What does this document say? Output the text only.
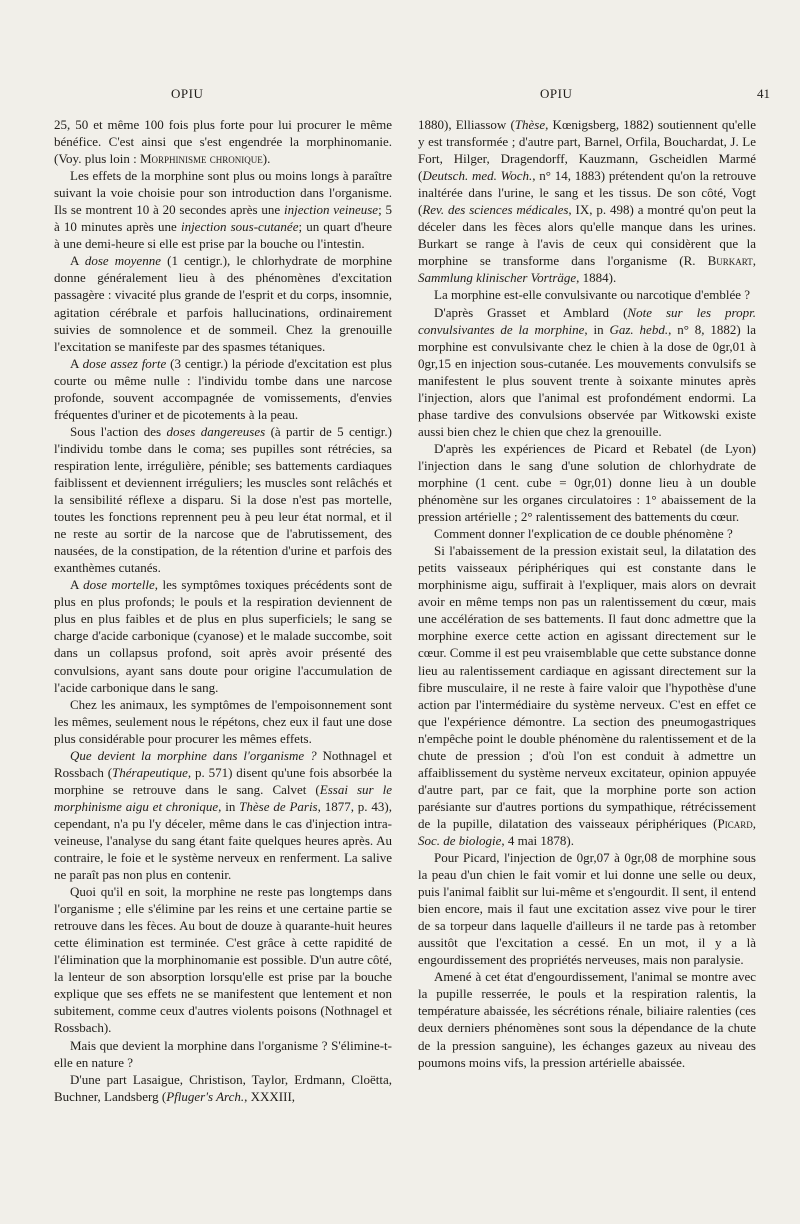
OPIU	OPIU	41

25, 50 et même 100 fois plus forte pour lui procurer le même bénéfice. C'est ainsi que s'est engendrée la morphinomanie. (Voy. plus loin : Morphinisme chronique).

Les effets de la morphine sont plus ou moins longs à paraître suivant la voie choisie pour son introduction dans l'organisme. Ils se montrent 10 à 20 secondes après une injection veineuse; 5 à 10 minutes après une injection sous-cutanée; un quart d'heure à une demi-heure si elle est prise par la bouche ou l'intestin.

A dose moyenne (1 centigr.), le chlorhydrate de morphine donne généralement lieu à des phénomènes d'excitation passagère : vivacité plus grande de l'esprit et du corps, insomnie, agitation cérébrale et parfois hallucinations, ordinairement suivies de somnolence et de sommeil. Chez la grenouille l'excitation se manifeste par des spasmes tétaniques.

A dose assez forte (3 centigr.) la période d'excitation est plus courte ou même nulle : l'individu tombe dans une narcose profonde, souvent accompagnée de vomissements, d'envies fréquentes d'uriner et de picotements à la peau.

Sous l'action des doses dangereuses (à partir de 5 centigr.) l'individu tombe dans le coma; ses pupilles sont rétrécies, sa respiration lente, irrégulière, pénible; ses battements cardiaques faiblissent et deviennent irréguliers; les muscles sont relâchés et la sensibilité réflexe a disparu. Si la dose n'est pas mortelle, toutes les fonctions reprennent peu à peu leur état normal, et il ne reste au sortir de la narcose que de l'abrutissement, des nausées, de la constipation, de la rétention d'urine et parfois des exanthèmes cutanés.

A dose mortelle, les symptômes toxiques précédents sont de plus en plus profonds; le pouls et la respiration deviennent de plus en plus faibles et de plus en plus superficiels; le sang se charge d'acide carbonique (cyanose) et le malade succombe, soit dans un collapsus profond, soit après avoir présenté des convulsions, ayant sans doute pour origine l'accumulation de l'acide carbonique dans le sang.

Chez les animaux, les symptômes de l'empoisonnement sont les mêmes, seulement nous le répétons, chez eux il faut une dose plus considérable pour procurer les mêmes effets.

Que devient la morphine dans l'organisme ? Nothnagel et Rossbach (Thérapeutique, p. 571) disent qu'une fois absorbée la morphine se retrouve dans le sang. Calvet (Essai sur le morphinisme aigu et chronique, in Thèse de Paris, 1877, p. 43), cependant, n'a pu l'y déceler, même dans le cas d'injection intra-veineuse, l'analyse du sang étant faite quelques heures après. Au contraire, le foie et le système nerveux en renferment. La salive ne paraît pas non plus en contenir.

Quoi qu'il en soit, la morphine ne reste pas longtemps dans l'organisme ; elle s'élimine par les reins et une certaine partie se retrouve dans les fèces. Au bout de douze à quarante-huit heures cette élimination est terminée. C'est grâce à cette rapidité de l'élimination que la morphinomanie est possible. D'un autre côté, la lenteur de son absorption lorsqu'elle est prise par la bouche explique que ses effets ne se manifestent que lentement et non subitement, comme ceux d'autres violents poisons (Nothnagel et Rossbach).

Mais que devient la morphine dans l'organisme ? S'élimine-t-elle en nature ?

D'une part Lasaigue, Christison, Taylor, Erdmann, Cloëtta, Buchner, Landsberg (Pfluger's Arch., XXXIII,

1880), Elliassow (Thèse, Kœnigsberg, 1882) soutiennent qu'elle y est transformée ; d'autre part, Barnel, Orfila, Bouchardat, J. Le Fort, Hilger, Dragendorff, Kauzmann, Gscheidlen Marmé (Deutsch. med. Woch., n° 14, 1883) prétendent qu'on la retrouve inaltérée dans l'urine, le sang et les tissus. De son côté, Vogt (Rev. des sciences médicales, IX, p. 498) a montré qu'on peut la déceler dans les fèces alors qu'elle manque dans les urines. Burkart se range à l'avis de ceux qui considèrent que la morphine se transforme dans l'organisme (R. Burkart, Sammlung klinischer Vorträge, 1884).

La morphine est-elle convulsivante ou narcotique d'emblée ?

D'après Grasset et Amblard (Note sur les propr. convulsivantes de la morphine, in Gaz. hebd., n° 8, 1882) la morphine est convulsivante chez le chien à la dose de 0gr,01 à 0gr,15 en injection sous-cutanée. Les mouvements convulsifs se manifestent le plus souvent trente à soixante minutes après l'injection, alors que l'animal est profondément endormi. La phase tardive des convulsions observée par Witkowski existe aussi bien chez le chien que chez la grenouille.

D'après les expériences de Picard et Rebatel (de Lyon) l'injection dans le sang d'une solution de chlorhydrate de morphine (1 cent. cube = 0gr,01) donne lieu à un double phénomène sur les organes circulatoires : 1° abaissement de la pression artérielle ; 2° ralentissement des battements du cœur.

Comment donner l'explication de ce double phénomène ?

Si l'abaissement de la pression existait seul, la dilatation des petits vaisseaux périphériques qui est constante dans le morphinisme aigu, suffirait à l'expliquer, mais alors on devrait avoir en même temps non pas un ralentissement du cœur, mais une accélération de ses battements. Il faut donc admettre que la morphine exerce cette action en agissant directement sur le cœur. Comme il est peu vraisemblable que cette substance donne lieu au ralentissement cardiaque en agissant directement sur la fibre musculaire, il ne reste à faire valoir que l'hypothèse d'une action par l'intermédiaire du système nerveux. C'est en effet ce que l'expérience démontre. La section des pneumogastriques n'empêche point le double phénomène du ralentissement et de la chute de pression ; d'où l'on est conduit à admettre un affaiblissement du système nerveux excitateur, opinion appuyée d'autre part, par ce fait, que la morphine porte son action parésiante sur d'autres portions du sympathique, rétrécissement de la pupille, dilatation des vaisseaux périphériques (Picard, Soc. de biologie, 4 mai 1878).

Pour Picard, l'injection de 0gr,07 à 0gr,08 de morphine sous la peau d'un chien le fait vomir et lui donne une selle ou deux, puis l'animal faiblit sur lui-même et s'engourdit. Il sent, il entend bien encore, mais il faut une excitation assez vive pour le tirer de sa torpeur dans laquelle d'ailleurs il ne tarde pas à retomber aussitôt que l'excitation a cessé. En un mot, il y a là engourdissement des propriétés nerveuses, mais non paralysie.

Amené à cet état d'engourdissement, l'animal se montre avec la pupille resserrée, le pouls et la respiration ralentis, la température abaissée, les sécrétions rénale, biliaire ralenties (ces deux derniers phénomènes sont sous la dépendance de la chute de la pression sanguine), les échanges gazeux au niveau des poumons moins vifs, la pression artérielle abaissée.
